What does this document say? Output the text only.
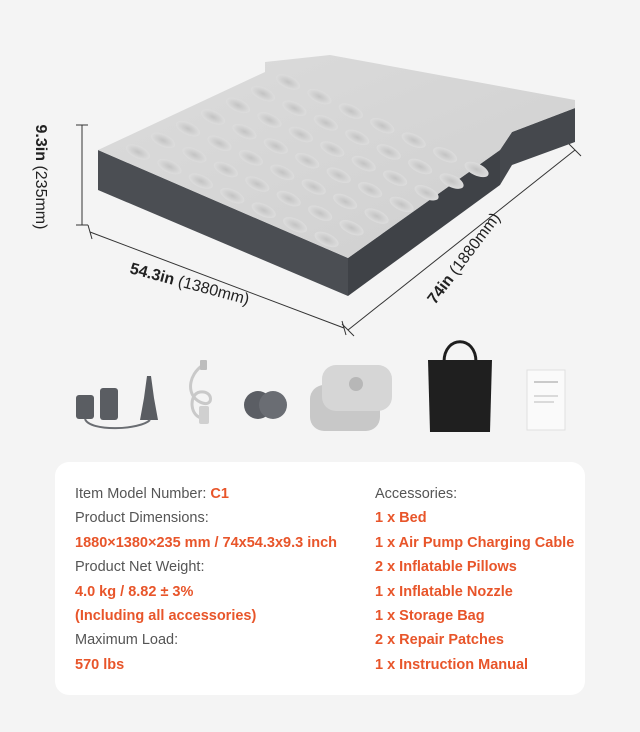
9.3in (235mm)
54.3in (1380mm)	74in (1880mm)
Item Model Number: C1
Product Dimensions:
1880×1380×235 mm / 74x54.3x9.3 inch
Product Net Weight:
4.0 kg / 8.82 ± 3%
(Including all accessories)
Maximum Load:
570 lbs
Accessories:
1 x Bed
1 x Air Pump Charging Cable
2 x Inflatable Pillows
1 x Inflatable Nozzle
1 x Storage Bag
2 x Repair Patches
1 x Instruction Manual
